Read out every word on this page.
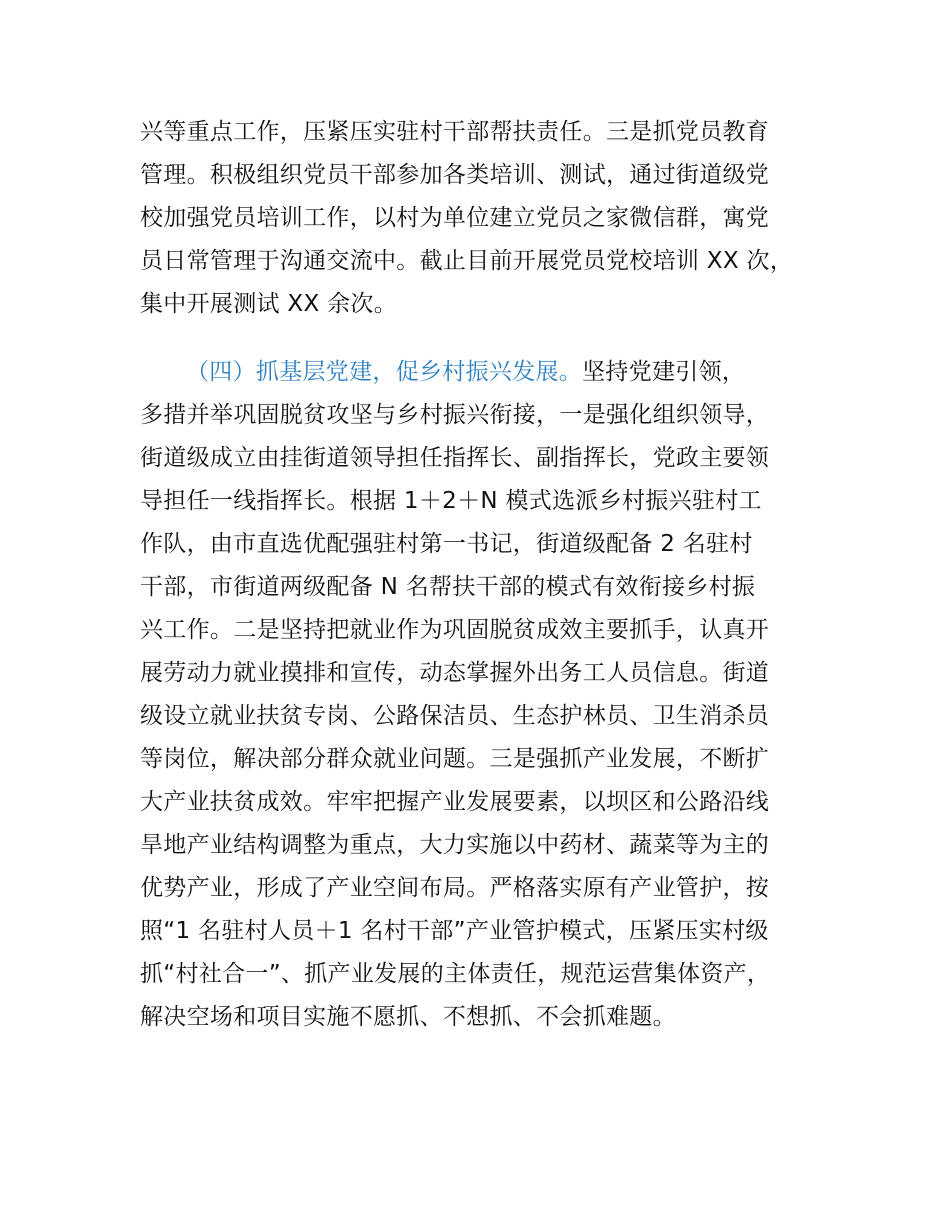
兴等重点工作，压紧压实驻村干部帮扶责任。三是抓党员教育
管理。积极组织党员干部参加各类培训、测试，通过街道级党
校加强党员培训工作，以村为单位建立党员之家微信群，寓党
员日常管理于沟通交流中。截止目前开展党员党校培训 XX 次，
集中开展测试 XX 余次。
（四）抓基层党建，促乡村振兴发展。坚持党建引领，
多措并举巩固脱贫攻坚与乡村振兴衔接，一是强化组织领导，
街道级成立由挂街道领导担任指挥长、副指挥长，党政主要领
导担任一线指挥长。根据 1＋2＋N 模式选派乡村振兴驻村工
作队，由市直选优配强驻村第一书记，街道级配备 2 名驻村
干部，市街道两级配备 N 名帮扶干部的模式有效衔接乡村振
兴工作。二是坚持把就业作为巩固脱贫成效主要抓手，认真开
展劳动力就业摸排和宣传，动态掌握外出务工人员信息。街道
级设立就业扶贫专岗、公路保洁员、生态护林员、卫生消杀员
等岗位，解决部分群众就业问题。三是强抓产业发展，不断扩
大产业扶贫成效。牢牢把握产业发展要素，以坝区和公路沿线
旱地产业结构调整为重点，大力实施以中药材、蔬菜等为主的
优势产业，形成了产业空间布局。严格落实原有产业管护，按
照“1 名驻村人员＋1 名村干部”产业管护模式，压紧压实村级
抓“村社合一”、抓产业发展的主体责任，规范运营集体资产，
解决空场和项目实施不愿抓、不想抓、不会抓难题。
